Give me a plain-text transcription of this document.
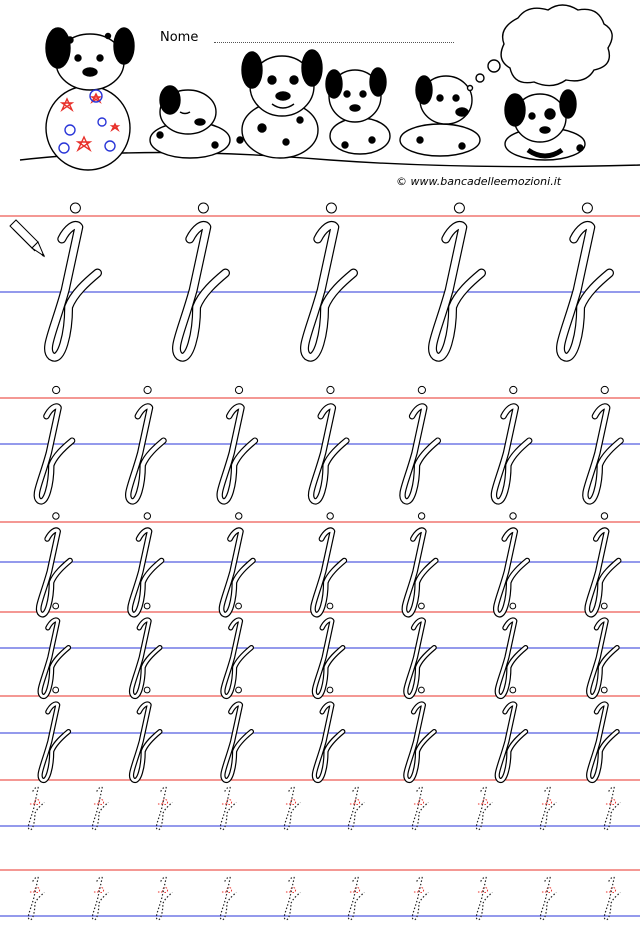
Nome
© www.bancadelleemozioni.it
